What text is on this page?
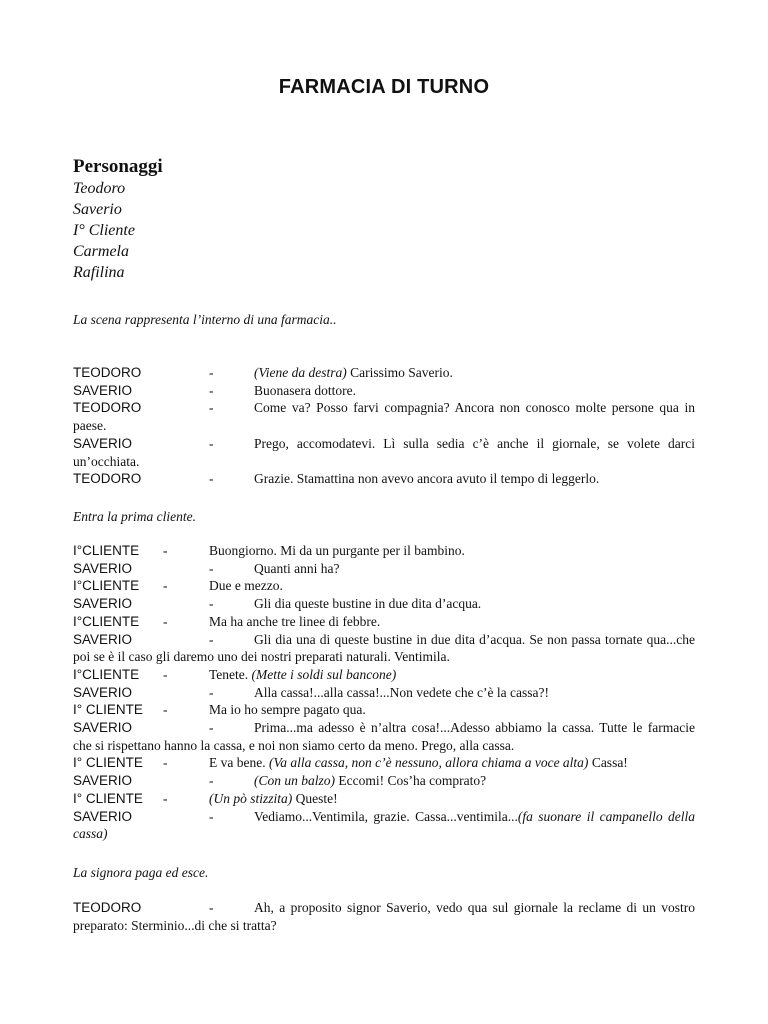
FARMACIA DI TURNO
Personaggi
Teodoro
Saverio
I° Cliente
Carmela
Rafilina
La scena rappresenta l’interno di una farmacia..
TEODORO	-	(Viene da destra) Carissimo Saverio.
SAVERIO	-	Buonasera dottore.
TEODORO	-	Come va? Posso farvi compagnia? Ancora non conosco molte persone qua in paese.
SAVERIO	-	Prego, accomodatevi. Lì sulla sedia c’è anche il giornale, se volete darci un’occhiata.
TEODORO	-	Grazie. Stamattina non avevo ancora avuto il tempo di leggerlo.
Entra la prima cliente.
I°CLIENTE -	Buongiorno. Mi da un purgante per il bambino.
SAVERIO	-	Quanti anni ha?
I°CLIENTE -	Due e mezzo.
SAVERIO	-	Gli dia queste bustine in due dita d’acqua.
I°CLIENTE -	Ma ha anche tre linee di febbre.
SAVERIO	-	Gli dia una di queste bustine in due dita d’acqua. Se non passa tornate qua...che poi se è il caso gli daremo uno dei nostri preparati naturali. Ventimila.
I°CLIENTE -	Tenete. (Mette i soldi sul bancone)
SAVERIO	-	Alla cassa!...alla cassa!...Non vedete che c’è la cassa?!
I° CLIENTE -	Ma io ho sempre pagato qua.
SAVERIO	-	Prima...ma adesso è n’altra cosa!...Adesso abbiamo la cassa. Tutte le farmacie che si rispettano hanno la cassa, e noi non siamo certo da meno. Prego, alla cassa.
I° CLIENTE -	E va bene. (Va alla cassa, non c’è nessuno, allora chiama a voce alta) Cassa!
SAVERIO	-	(Con un balzo) Eccomi! Cos’ha comprato?
I° CLIENTE -	(Un pò stizzita) Queste!
SAVERIO	-	Vediamo...Ventimila, grazie. Cassa...ventimila...(fa suonare il campanello della cassa)
La signora paga ed esce.
TEODORO	-	Ah, a proposito signor Saverio, vedo qua sul giornale la reclame di un vostro preparato: Sterminio...di che si tratta?
